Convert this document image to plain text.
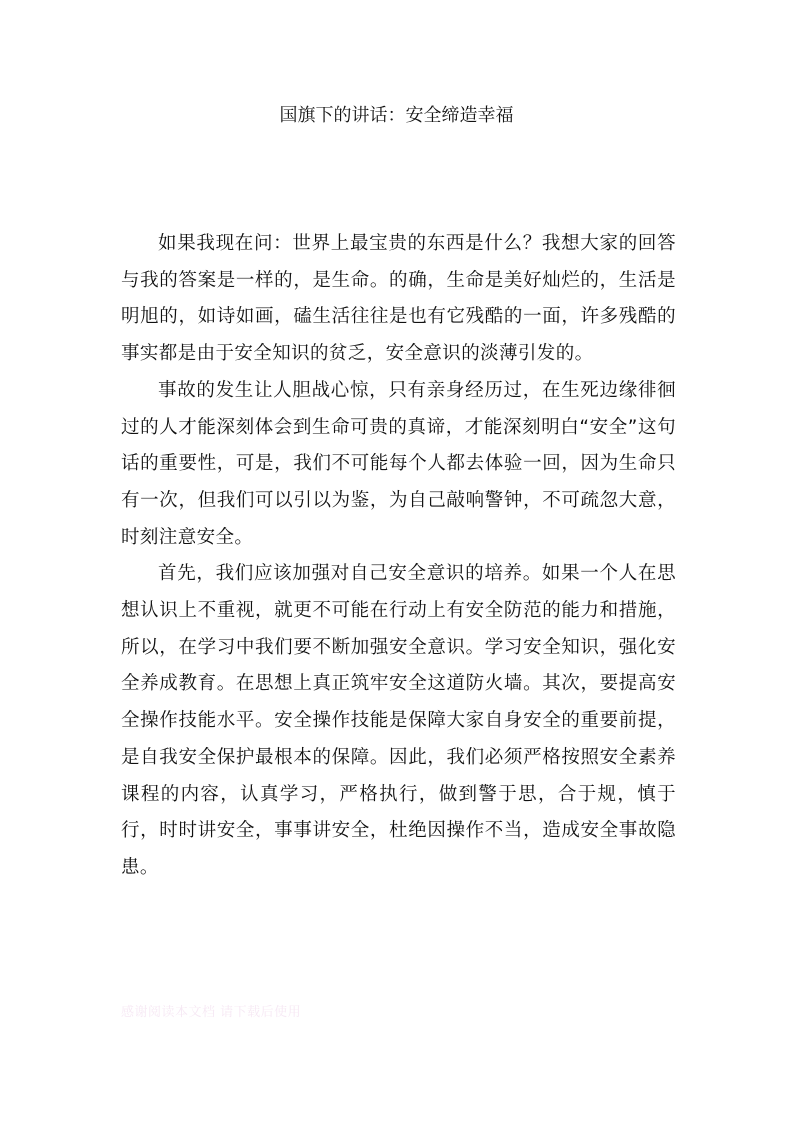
国旗下的讲话：安全缔造幸福

如果我现在问：世界上最宝贵的东西是什么？我想大家的回答与我的答案是一样的，是生命。的确，生命是美好灿烂的，生活是明旭的，如诗如画，磕生活往往是也有它残酷的一面，许多残酷的事实都是由于安全知识的贫乏，安全意识的淡薄引发的。

事故的发生让人胆战心惊，只有亲身经历过，在生死边缘徘徊过的人才能深刻体会到生命可贵的真谛，才能深刻明白“安全”这句话的重要性，可是，我们不可能每个人都去体验一回，因为生命只有一次，但我们可以引以为鉴，为自己敲响警钟，不可疏忽大意，时刻注意安全。

首先，我们应该加强对自己安全意识的培养。如果一个人在思想认识上不重视，就更不可能在行动上有安全防范的能力和措施，所以，在学习中我们要不断加强安全意识。学习安全知识，强化安全养成教育。在思想上真正筑牢安全这道防火墙。其次，要提高安全操作技能水平。安全操作技能是保障大家自身安全的重要前提，是自我安全保护最根本的保障。因此，我们必须严格按照安全素养课程的内容，认真学习，严格执行，做到警于思，合于规，慎于行，时时讲安全，事事讲安全，杜绝因操作不当，造成安全事故隐患。

感谢阅读本文档 请下载后使用
